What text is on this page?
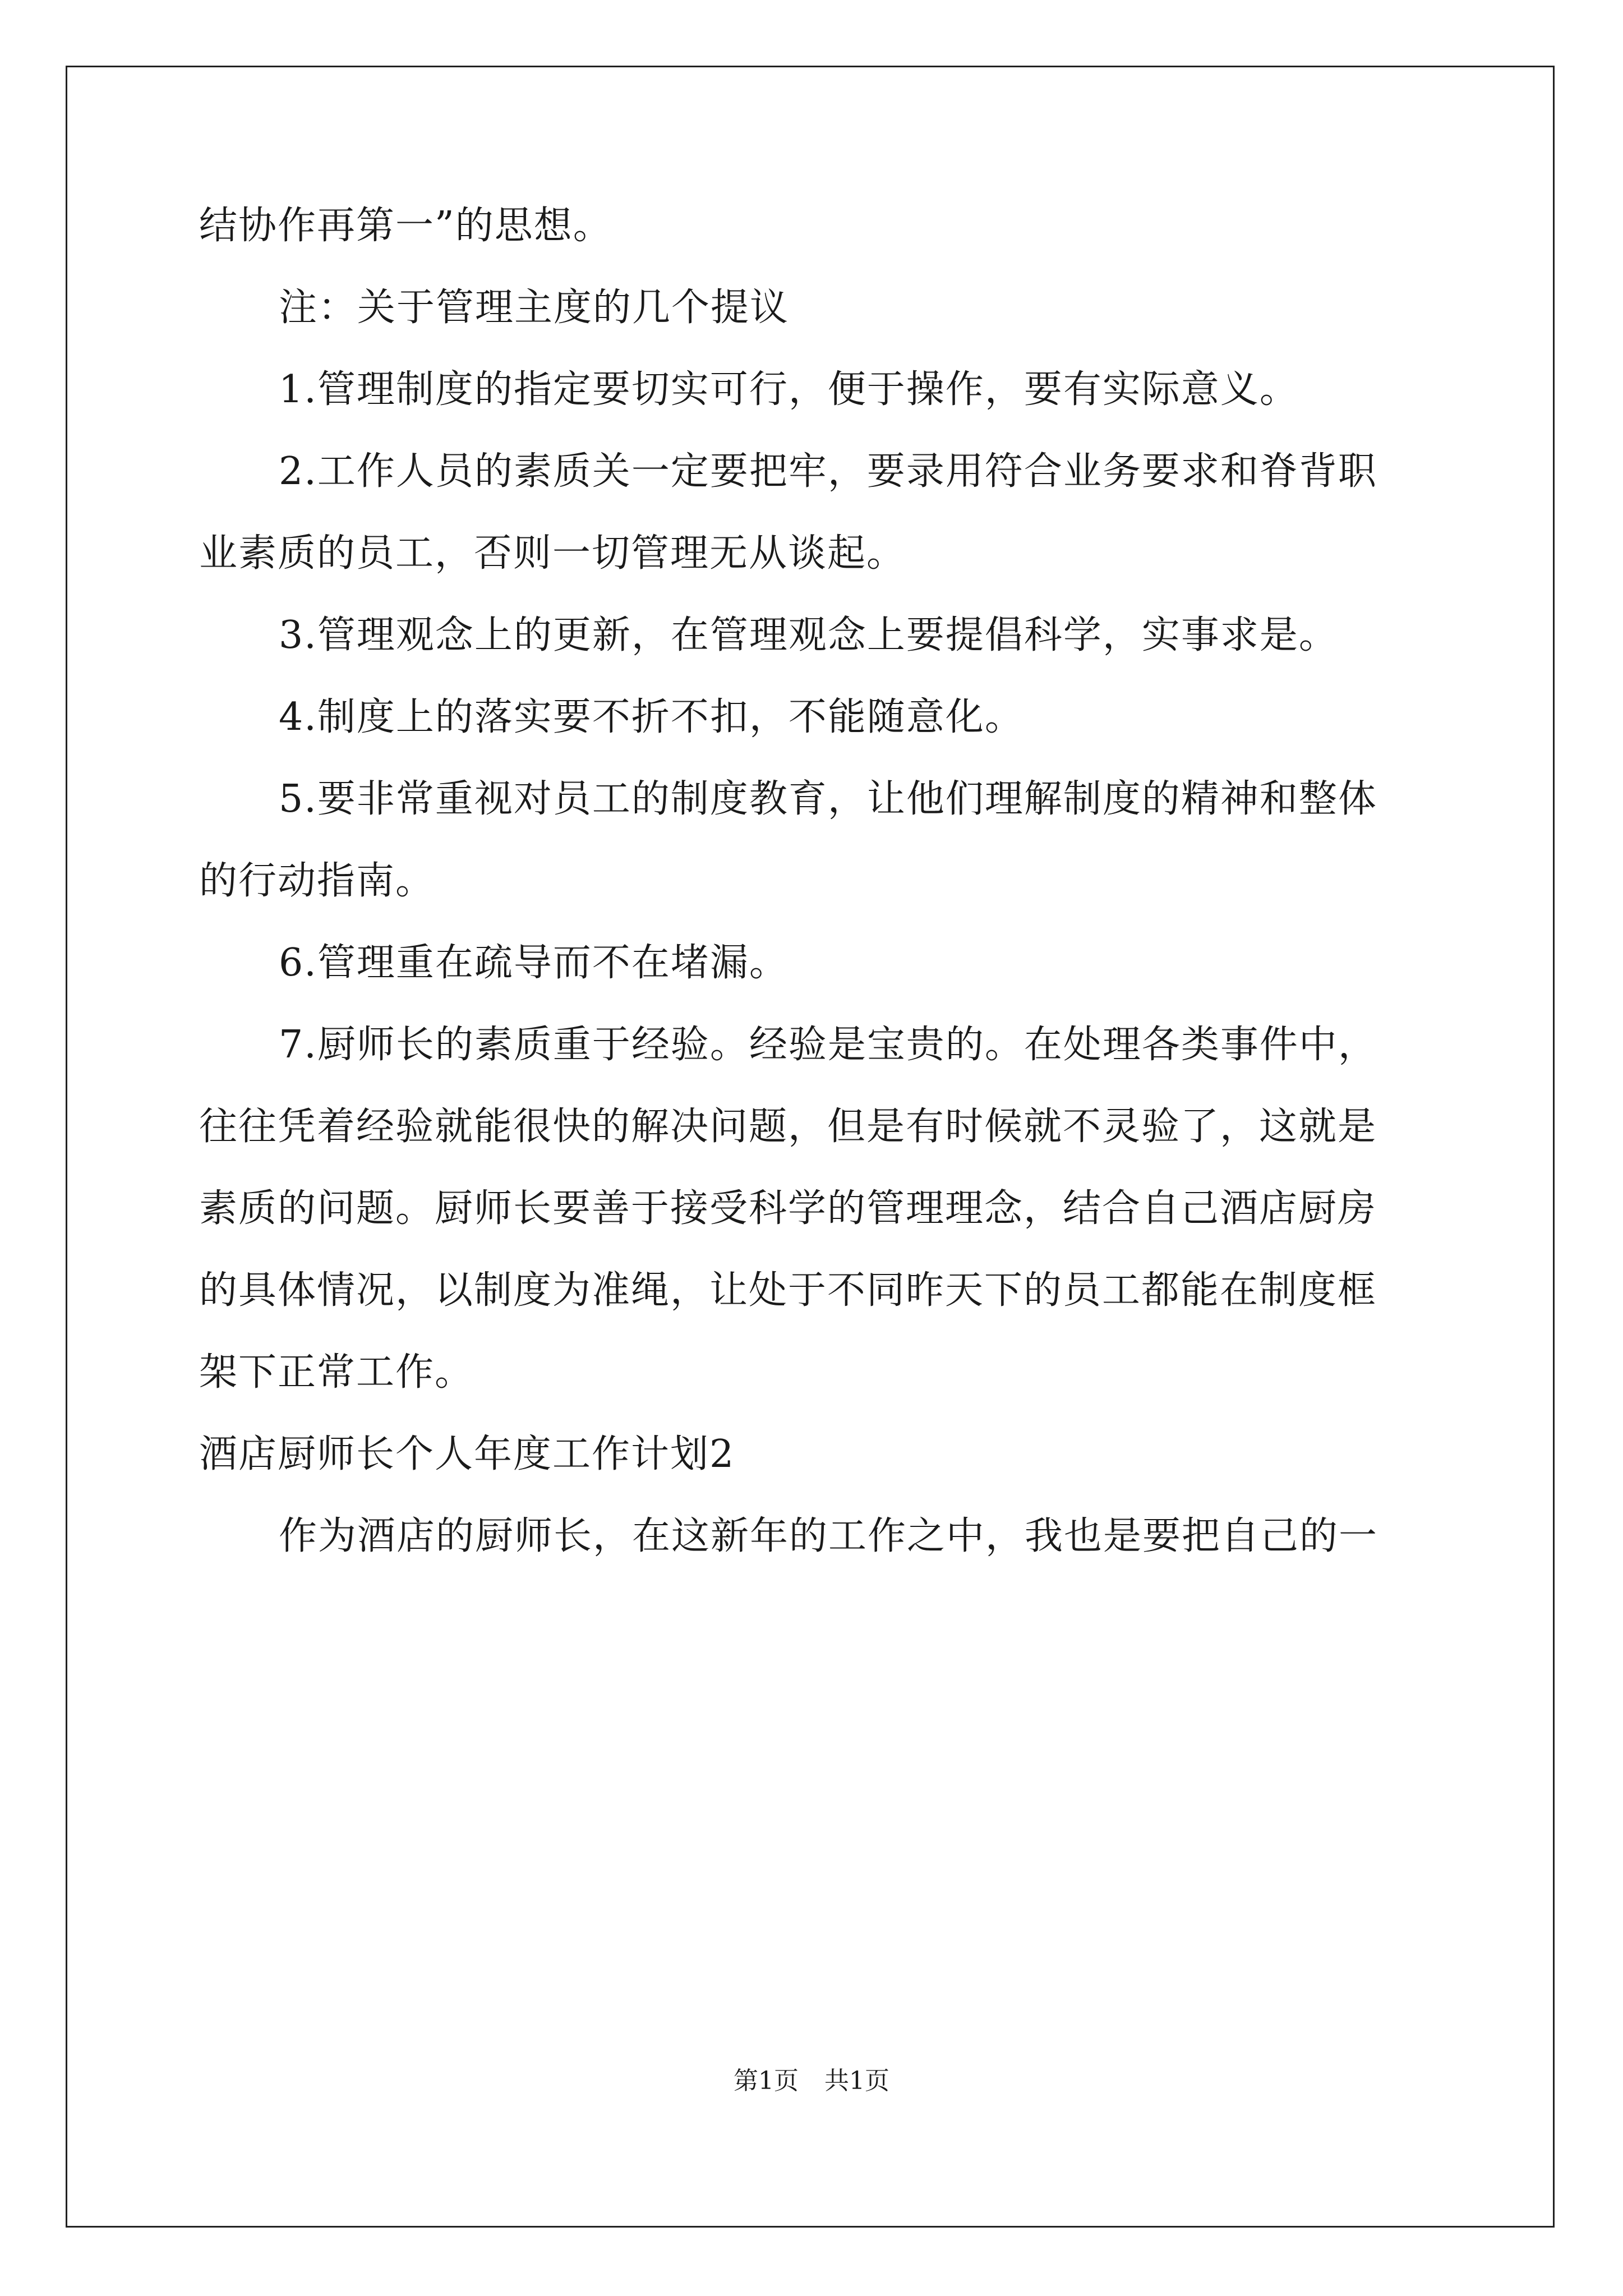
结协作再第一”的思想。

注：关于管理主度的几个提议

1.管理制度的指定要切实可行，便于操作，要有实际意义。

2.工作人员的素质关一定要把牢，要录用符合业务要求和脊背职

业素质的员工，否则一切管理无从谈起。

3.管理观念上的更新，在管理观念上要提倡科学，实事求是。

4.制度上的落实要不折不扣，不能随意化。

5.要非常重视对员工的制度教育，让他们理解制度的精神和整体

的行动指南。

6.管理重在疏导而不在堵漏。

7.厨师长的素质重于经验。经验是宝贵的。在处理各类事件中，

往往凭着经验就能很快的解决问题，但是有时候就不灵验了，这就是

素质的问题。厨师长要善于接受科学的管理理念，结合自己酒店厨房

的具体情况，以制度为准绳，让处于不同昨天下的员工都能在制度框

架下正常工作。

酒店厨师长个人年度工作计划2

作为酒店的厨师长，在这新年的工作之中，我也是要把自己的一

第1页 共1页
